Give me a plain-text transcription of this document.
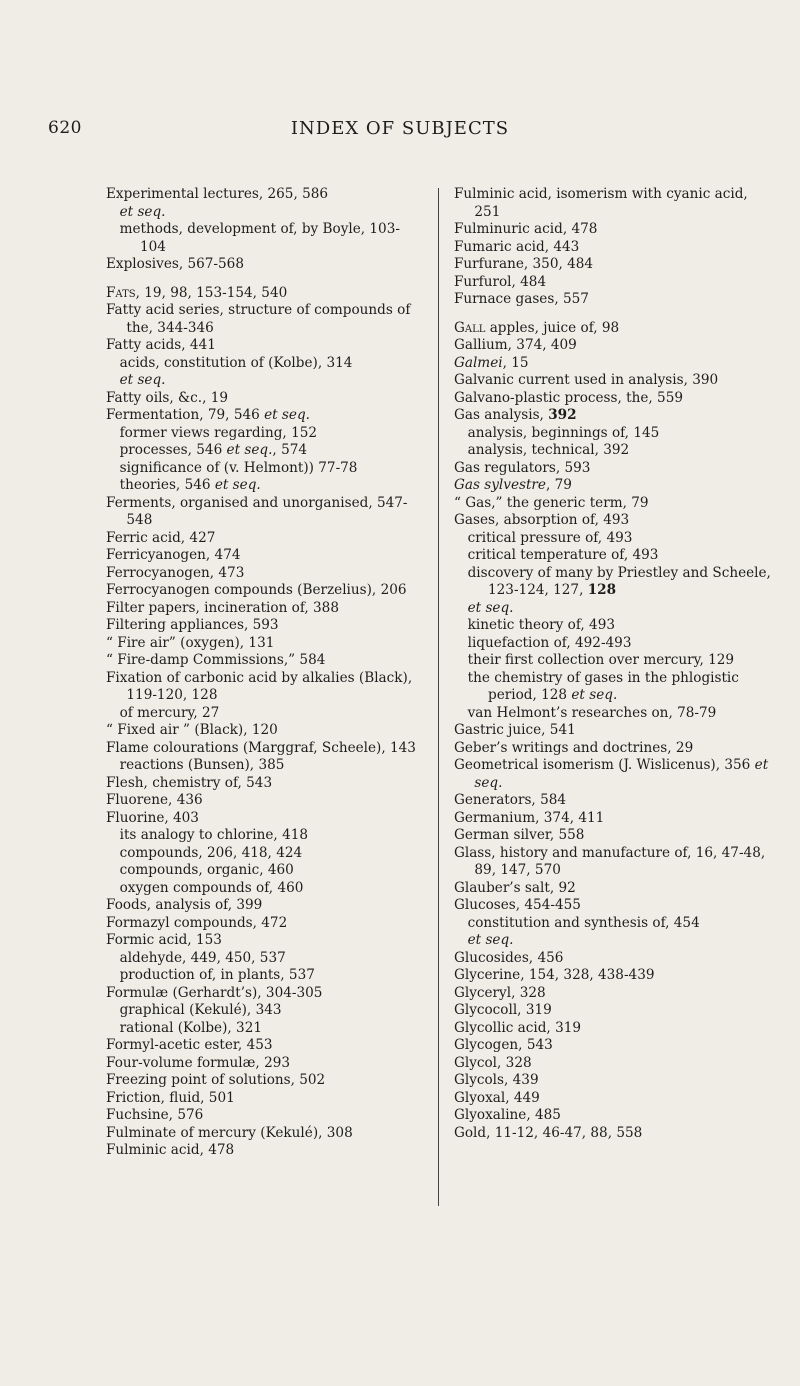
620	INDEX OF SUBJECTS

Experimental lectures, 265, 586

et seq.

methods, development of, by Boyle, 103-104

Explosives, 567-568

Fats, 19, 98, 153-154, 540

Fatty acid series, structure of compounds of the, 344-346

Fatty acids, 441

acids, constitution of (Kolbe), 314

et seq.

Fatty oils, &c., 19

Fermentation, 79, 546 et seq.

former views regarding, 152

processes, 546 et seq., 574

significance of (v. Helmont)) 77-78

theories, 546 et seq.

Ferments, organised and unorganised, 547-548

Ferric acid, 427

Ferricyanogen, 474

Ferrocyanogen, 473

Ferrocyanogen compounds (Berzelius), 206

Filter papers, incineration of, 388

Filtering appliances, 593

“ Fire air” (oxygen), 131

“ Fire-damp Commissions,” 584

Fixation of carbonic acid by alkalies (Black), 119-120, 128

of mercury, 27

“ Fixed air ” (Black), 120

Flame colourations (Marggraf, Scheele), 143

reactions (Bunsen), 385

Flesh, chemistry of, 543

Fluorene, 436

Fluorine, 403

its analogy to chlorine, 418

compounds, 206, 418, 424

compounds, organic, 460

oxygen compounds of, 460

Foods, analysis of, 399

Formazyl compounds, 472

Formic acid, 153

aldehyde, 449, 450, 537

production of, in plants, 537

Formulæ (Gerhardt’s), 304-305

graphical (Kekulé), 343

rational (Kolbe), 321

Formyl-acetic ester, 453

Four-volume formulæ, 293

Freezing point of solutions, 502

Friction, fluid, 501

Fuchsine, 576

Fulminate of mercury (Kekulé), 308

Fulminic acid, 478

Fulminic acid, isomerism with cyanic acid, 251

Fulminuric acid, 478

Fumaric acid, 443

Furfurane, 350, 484

Furfurol, 484

Furnace gases, 557

Gall apples, juice of, 98

Gallium, 374, 409

Galmei, 15

Galvanic current used in analysis, 390

Galvano-plastic process, the, 559

Gas analysis, 392

analysis, beginnings of, 145

analysis, technical, 392

Gas regulators, 593

Gas sylvestre, 79

“ Gas,” the generic term, 79

Gases, absorption of, 493

critical pressure of, 493

critical temperature of, 493

discovery of many by Priestley and Scheele, 123-124, 127, 128

et seq.

kinetic theory of, 493

liquefaction of, 492-493

their first collection over mercury, 129

the chemistry of gases in the phlogistic period, 128 et seq.

van Helmont’s researches on, 78-79

Gastric juice, 541

Geber’s writings and doctrines, 29

Geometrical isomerism (J. Wislicenus), 356 et seq.

Generators, 584

Germanium, 374, 411

German silver, 558

Glass, history and manufacture of, 16, 47-48, 89, 147, 570

Glauber’s salt, 92

Glucoses, 454-455

constitution and synthesis of, 454

et seq.

Glucosides, 456

Glycerine, 154, 328, 438-439

Glyceryl, 328

Glycocoll, 319

Glycollic acid, 319

Glycogen, 543

Glycol, 328

Glycols, 439

Glyoxal, 449

Glyoxaline, 485

Gold, 11-12, 46-47, 88, 558
